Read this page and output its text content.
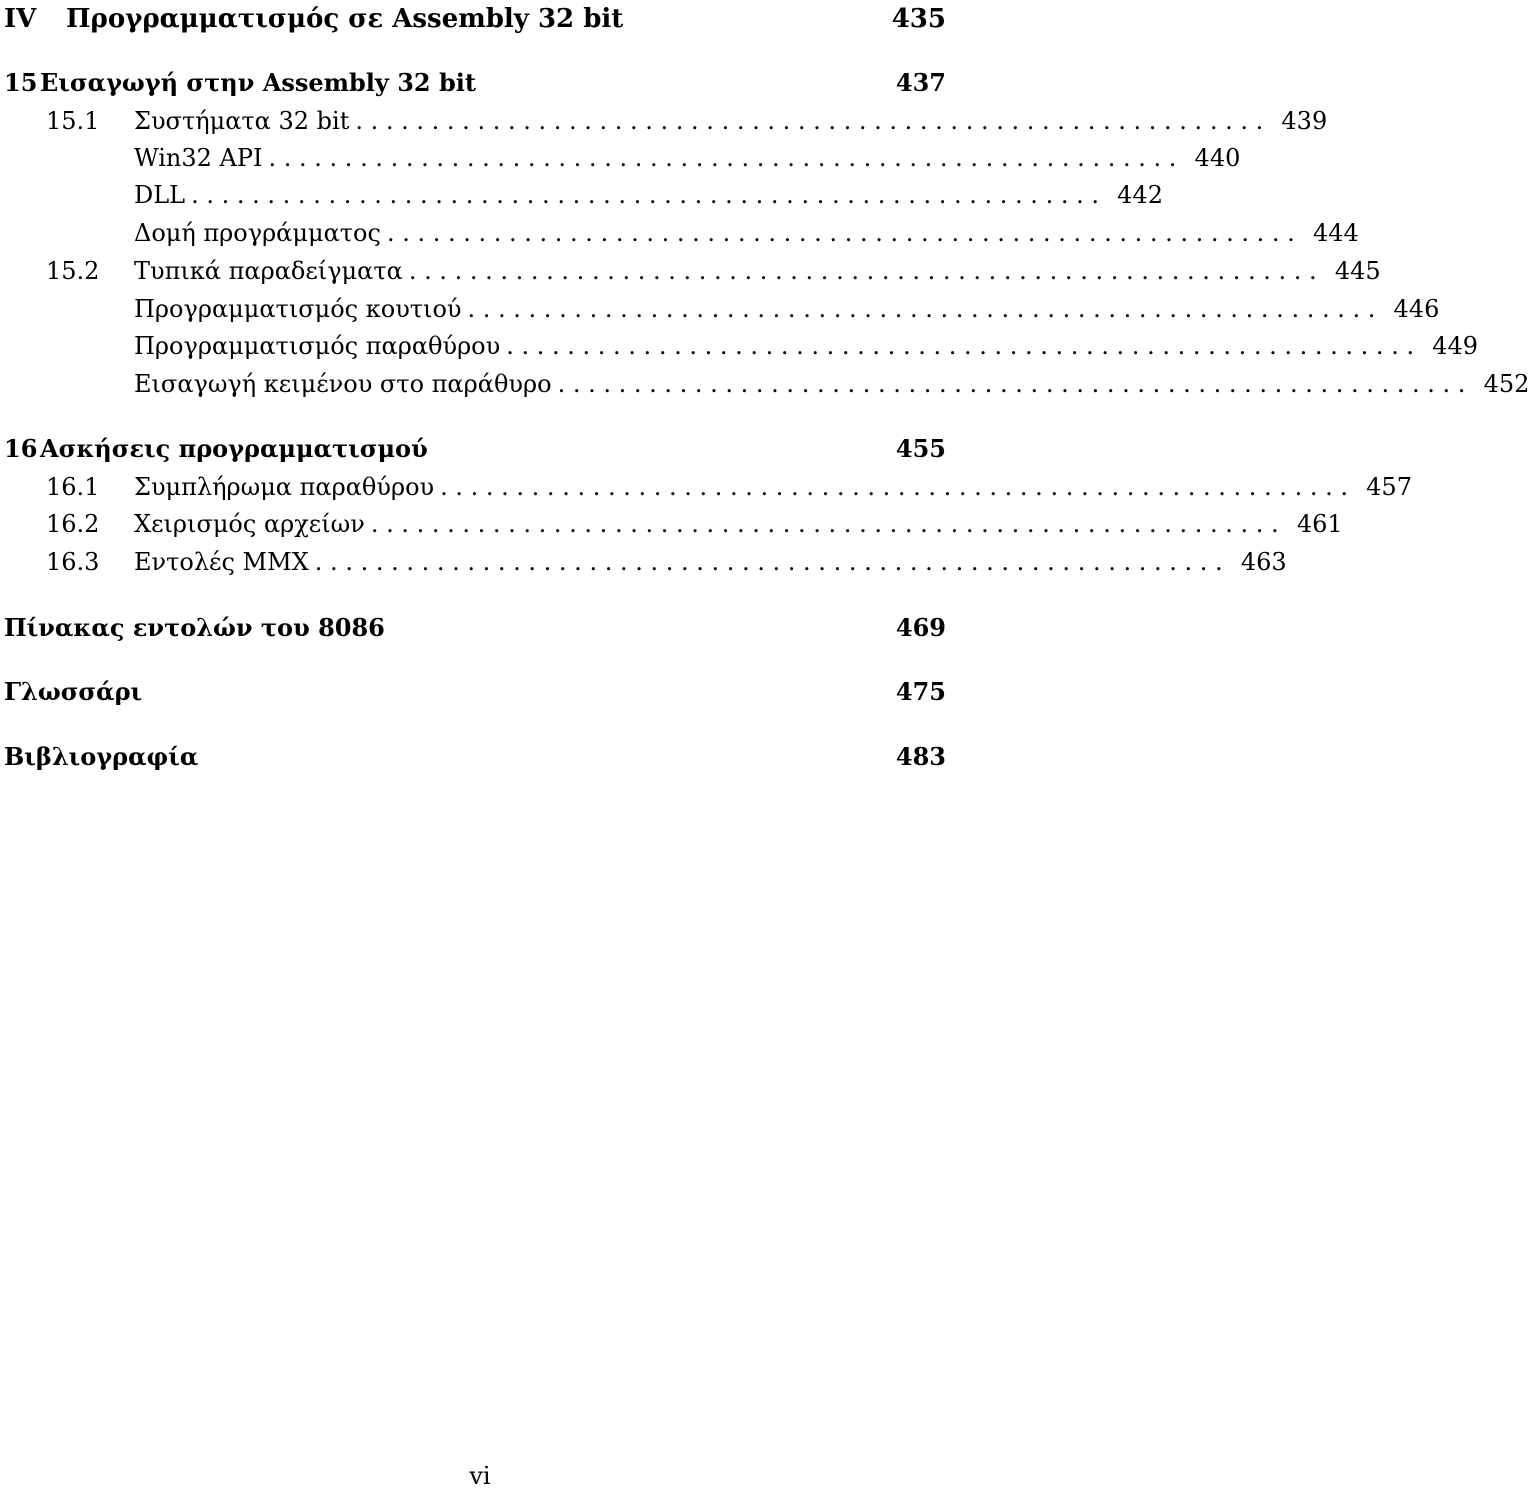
IV	Προγραμματισμός σε Assembly 32 bit	435
15 Εισαγωγή στην Assembly 32 bit	437
15.1	Συστήματα 32 bit . . . . . . . . . . . . . . . . . . . . . . . . . . . . . . . . . . . . . . . . . . . . . . . . . . . . . . . . . . . . 439
Win32 API . . . . . . . . . . . . . . . . . . . . . . . . . . . . . . . . . . . . . . . . . . . . . . . . . . . . . . . . . . . . 440
DLL . . . . . . . . . . . . . . . . . . . . . . . . . . . . . . . . . . . . . . . . . . . . . . . . . . . . . . . . . . . . 442
Δομή προγράμματος . . . . . . . . . . . . . . . . . . . . . . . . . . . . . . . . . . . . . . . . . . . . . . . . . . . . . . . . . . . . 444
15.2	Τυπικά παραδείγματα . . . . . . . . . . . . . . . . . . . . . . . . . . . . . . . . . . . . . . . . . . . . . . . . . . . . . . . . . . . . 445
Προγραμματισμός κουτιού . . . . . . . . . . . . . . . . . . . . . . . . . . . . . . . . . . . . . . . . . . . . . . . . . . . . . . . . . . . . 446
Προγραμματισμός παραθύρου . . . . . . . . . . . . . . . . . . . . . . . . . . . . . . . . . . . . . . . . . . . . . . . . . . . . . . . . . . . . 449
Εισαγωγή κειμένου στο παράθυρο . . . . . . . . . . . . . . . . . . . . . . . . . . . . . . . . . . . . . . . . . . . . . . . . . . . . . . . . . . . . 452
16 Ασκήσεις προγραμματισμού	455
16.1	Συμπλήρωμα παραθύρου . . . . . . . . . . . . . . . . . . . . . . . . . . . . . . . . . . . . . . . . . . . . . . . . . . . . . . . . . . . . 457
16.2	Χειρισμός αρχείων . . . . . . . . . . . . . . . . . . . . . . . . . . . . . . . . . . . . . . . . . . . . . . . . . . . . . . . . . . . . 461
16.3	Εντολές MMX . . . . . . . . . . . . . . . . . . . . . . . . . . . . . . . . . . . . . . . . . . . . . . . . . . . . . . . . . . . . 463
Πίνακας εντολών του 8086	469
Γλωσσάρι	475
Βιβλιογραφία	483
vi
